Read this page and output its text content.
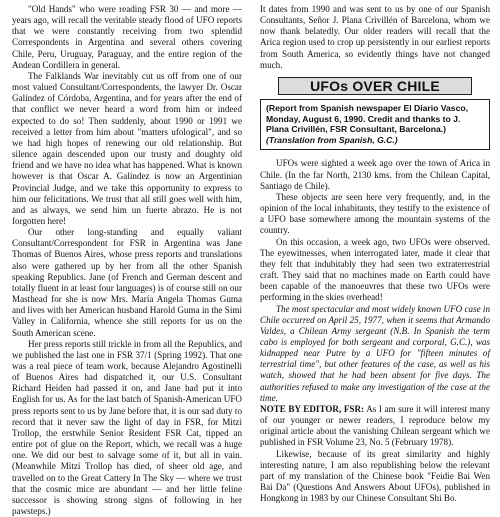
"Old Hands" who were reading FSR 30 — and more — years ago, will recall the veritable steady flood of UFO reports that we were constantly receiving from two splendid Correspondents in Argentina and several others covering Chile, Peru, Uruguay, Paraguay, and the entire region of the Andean Cordillera in general.

The Falklands War inevitably cut us off from one of our most valued Consultant/Correspondents, the lawyer Dr. Oscar Galíndez of Córdoba, Argentina, and for years after the end of that conflict we never heard a word from him or indeed expected to do so! Then suddenly, about 1990 or 1991 we received a letter from him about "matters ufological", and so we had high hopes of renewing our old relationship. But silence again descended upon our trusty and doughty old friend and we have no idea what has happened. What is known however is that Oscar A. Galíndez is now an Argentinian Provincial Judge, and we take this opportunity to express to him our felicitations. We trust that all still goes well with him, and as always, we send him un fuerte abrazo. He is not forgotten here!

Our other long-standing and equally valiant Consultant/Correspondent for FSR in Argentina was Jane Thomas of Buenos Aires, whose press reports and translations also were gathered up by her from all the other Spanish speaking Republics. Jane (of French and German descent and totally fluent in at least four languages) is of course still on our Masthead for she is now Mrs. María Angela Thomas Guma and lives with her American husband Harold Guma in the Simi Valley in California, whence she still reports for us on the South American scene.

Her press reports still trickle in from all the Republics, and we published the last one in FSR 37/1 (Spring 1992). That one was a real piece of team work, because Alejandro Agostinelli of Buenos Aires had dispatched it, our U.S. Consultant Richard Heiden had passed it on, and Jane had put it into English for us. As for the last batch of Spanish-American UFO press reports sent to us by Jane before that, it is our sad duty to record that it never saw the light of day in FSR, for Mitzi Trollop, the erstwhile Senior Resident FSR Cat, tipped an entire pot of glue on the Report, which, we recall was a huge one. We did our best to salvage some of it, but all in vain. (Meanwhile Mitzi Trollop has died, of sheer old age, and travelled on to the Great Cattery In The Sky — where we trust that the cosmic mice are abundant — and her little feline successor is showing strong signs of following in her pawsteps.)

It dates from 1990 and was sent to us by one of our Spanish Consultants, Señor J. Plana Crivillén of Barcelona, whom we now thank belatedly. Our older readers will recall that the Arica region used to crop up persistently in our earliest reports from South America, so evidently things have not changed much.

UFOs OVER CHILE
(Report from Spanish newspaper El Diario Vasco, Monday, August 6, 1990. Credit and thanks to J. Plana Crivillén, FSR Consultant, Barcelona.)
(Translation from Spanish, G.C.)

UFOs were sighted a week ago over the town of Arica in Chile. (In the far North, 2130 kms. from the Chilean Capital, Santiago de Chile).

These objects are seen here very frequently, and, in the opinion of the local inhabitants, they testify to the existence of a UFO base somewhere among the mountain systems of the country.

On this occasion, a week ago, two UFOs were observed. The eyewitnesses, when interrogated later, made it clear that they felt that indubitably they had seen two extraterrestrial craft. They said that no machines made on Earth could have been capable of the manoeuvres that these two UFOs were performing in the skies overhead!

The most spectacular and most widely known UFO case in Chile occurred on April 25, 1977, when it seems that Armando Valdes, a Chilean Army sergeant (N.B. In Spanish the term cabo is employed for both sergeant and corporal, G.C.), was kidnapped near Putre by a UFO for "fifteen minutes of terrestrial time", but other features of the case, as well as his watch, showed that he had been absent for five days. The authorities refused to make any investigation of the case at the time.

NOTE BY EDITOR, FSR: As I am sure it will interest many of our younger or newer readers, I reproduce below my original article about the vanishing Chilean sergeant which we published in FSR Volume 23, No. 5 (February 1978).

Likewise, because of its great similarity and highly interesting nature, I am also republishing below the relevant part of my translation of the Chinese book "Feidie Bai Wen Bai Da" (Questions And Answers About UFOs), published in Hongkong in 1983 by our Chinese Consultant Shi Bo.
